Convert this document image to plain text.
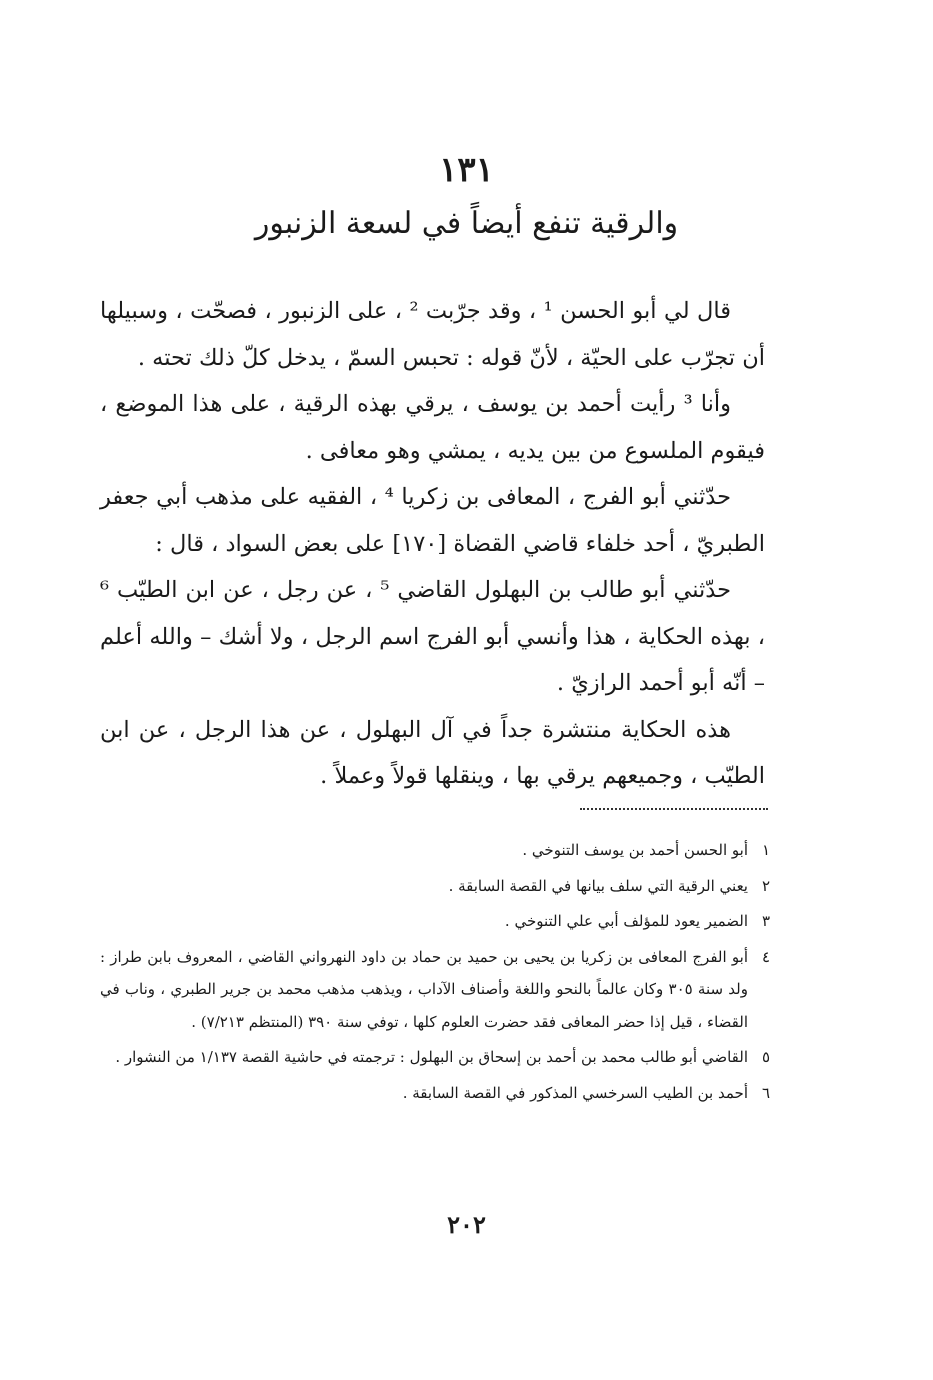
١٣١
والرقية تنفع أيضاً في لسعة الزنبور

قال لي أبو الحسن ¹ ، وقد جرّبت ² ، على الزنبور ، فصحّت ، وسبيلها أن تجرّب على الحيّة ، لأنّ قوله : تحبس السمّ ، يدخل كلّ ذلك تحته .

وأنا ³ رأيت أحمد بن يوسف ، يرقي بهذه الرقية ، على هذا الموضع ، فيقوم الملسوع من بين يديه ، يمشي وهو معافى .

حدّثني أبو الفرج ، المعافى بن زكريا ⁴ ، الفقيه على مذهب أبي جعفر الطبريّ ، أحد خلفاء قاضي القضاة [١٧٠] على بعض السواد ، قال :

حدّثني أبو طالب بن البهلول القاضي ⁵ ، عن رجل ، عن ابن الطيّب ⁶ ، بهذه الحكاية ، هذا وأنسي أبو الفرج اسم الرجل ، ولا أشك – والله أعلم – أنّه أبو أحمد الرازيّ .

هذه الحكاية منتشرة جداً في آل البهلول ، عن هذا الرجل ، عن ابن الطيّب ، وجميعهم يرقي بها ، وينقلها قولاً وعملاً .

١
أبو الحسن أحمد بن يوسف التنوخي .
٢
يعني الرقية التي سلف بيانها في القصة السابقة .
٣
الضمير يعود للمؤلف أبي علي التنوخي .
٤
أبو الفرج المعافى بن زكريا بن يحيى بن حميد بن حماد بن داود النهرواني القاضي ، المعروف بابن طراز : ولد سنة ٣٠٥ وكان عالماً بالنحو واللغة وأصناف الآداب ، ويذهب مذهب محمد بن جرير الطبري ، وناب في القضاء ، قيل إذا حضر المعافى فقد حضرت العلوم كلها ، توفي سنة ٣٩٠ (المنتظم ٧/٢١٣) .
٥
القاضي أبو طالب محمد بن أحمد بن إسحاق بن البهلول : ترجمته في حاشية القصة ١/١٣٧ من النشوار .
٦
أحمد بن الطيب السرخسي المذكور في القصة السابقة .
٢٠٢
